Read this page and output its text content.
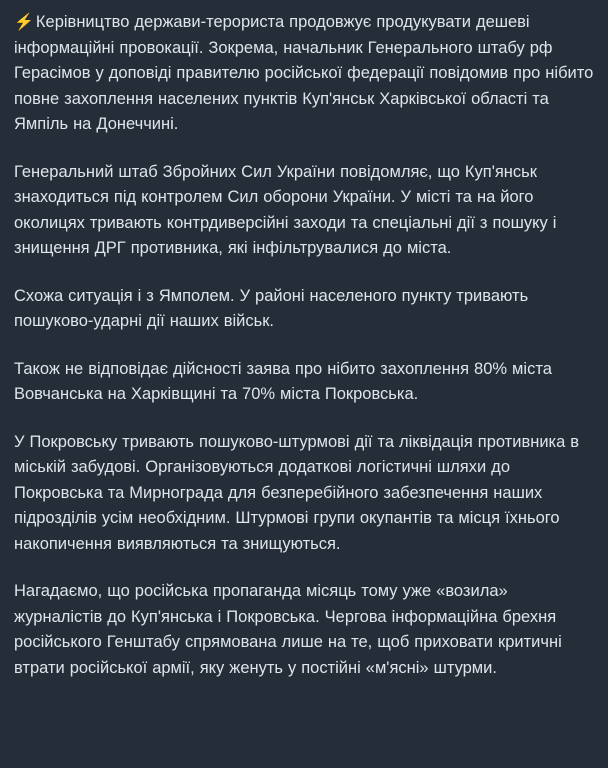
⚡ Керівництво держави-терориста продовжує продукувати дешеві інформаційні провокації. Зокрема, начальник Генерального штабу рф Герасімов у доповіді правителю російської федерації повідомив про нібито повне захоплення населених пунктів Куп'янськ Харківської області та Ямпіль на Донеччині.

Генеральний штаб Збройних Сил України повідомляє, що Куп'янськ знаходиться під контролем Сил оборони України. У місті та на його околицях тривають контрдиверсійні заходи та спеціальні дії з пошуку і знищення ДРГ противника, які інфільтрувалися до міста.

Схожа ситуація і з Ямполем. У районі населеного пункту тривають пошуково-ударні дії наших військ.

Також не відповідає дійсності заява про нібито захоплення 80% міста Вовчанська на Харківщині та 70% міста Покровська.

У Покровську тривають пошуково-штурмові дії та ліквідація противника в міській забудові. Організовуються додаткові логістичні шляхи до Покровська та Мирнограда для безперебійного забезпечення наших підрозділів усім необхідним. Штурмові групи окупантів та місця їхнього накопичення виявляються та знищуються.

Нагадаємо, що російська пропаганда місяць тому уже «возила» журналістів до Куп'янська і Покровська. Чергова інформаційна брехня російського Генштабу спрямована лише на те, щоб приховати критичні втрати російської армії, яку женуть у постійні «м'ясні» штурми.
